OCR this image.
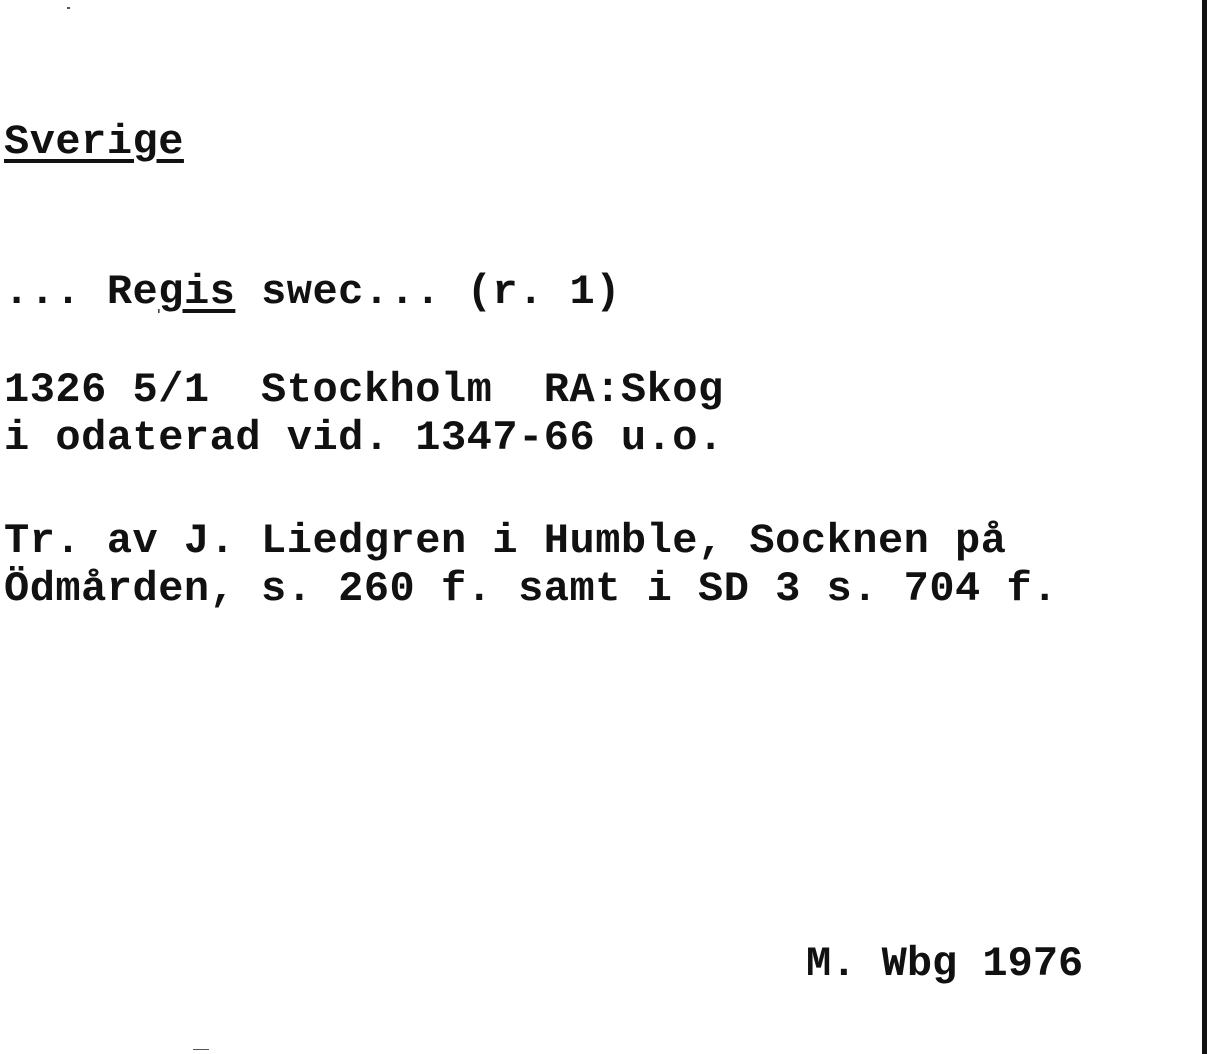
Sverige

... Regis swec... (r. 1)

1326 5/1  Stockholm  RA:Skog

i odaterad vid. 1347-66 u.o.

Tr. av J. Liedgren i Humble, Socknen på

Ödmården, s. 260 f. samt i SD 3 s. 704 f.

M. Wbg 1976
